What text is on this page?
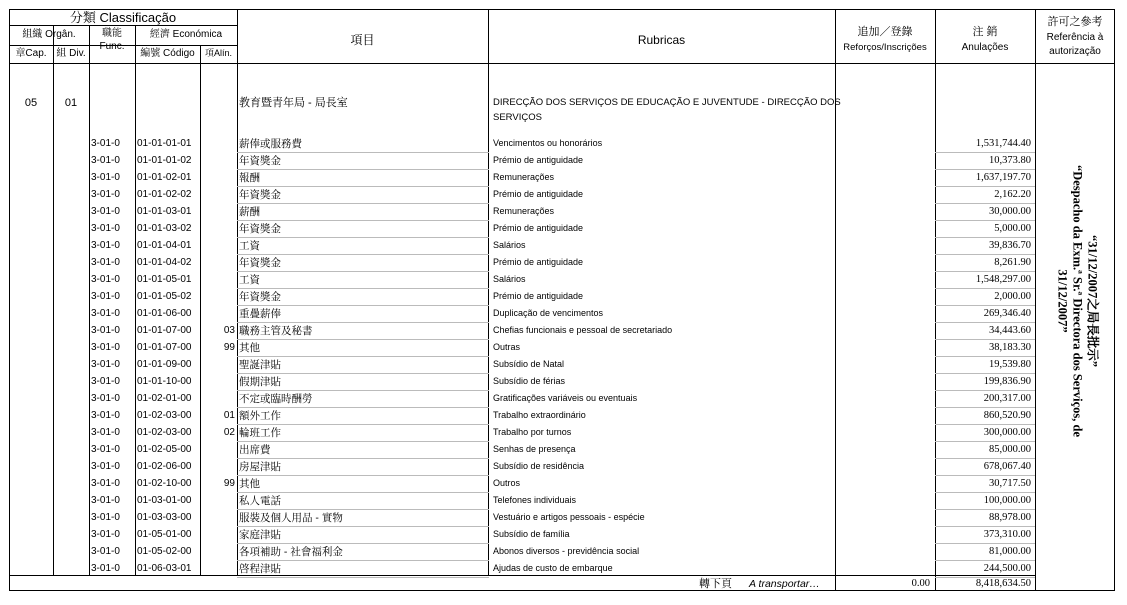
分類 Classificação
組織 Orgân.
章Cap. 組 Div.
職能
Func.
經濟 Económica
編號 Código	項Alín.
項目	Rubricas
追加／登錄
Reforços/Inscrições
注 銷
Anulações
許可之參考
Referência à
autorização
05	01	教育暨青年局 - 局長室	DIRECÇÃO DOS SERVIÇOS DE EDUCAÇÃO E JUVENTUDE - DIRECÇÃO DOS
SERVIÇOS
3-01-0	01-01-01-01	薪俸或服務費	Vencimentos ou honorários	1,531,744.40
3-01-0	01-01-01-02	年資獎金	Prémio de antiguidade	10,373.80
3-01-0	01-01-02-01	報酬	Remunerações	1,637,197.70
3-01-0	01-01-02-02	年資獎金	Prémio de antiguidade	2,162.20
3-01-0	01-01-03-01	薪酬	Remunerações	30,000.00
3-01-0	01-01-03-02	年資獎金	Prémio de antiguidade	5,000.00
3-01-0	01-01-04-01	工資	Salários	39,836.70
3-01-0	01-01-04-02	年資獎金	Prémio de antiguidade	8,261.90
3-01-0	01-01-05-01	工資	Salários	1,548,297.00
3-01-0	01-01-05-02	年資獎金	Prémio de antiguidade	2,000.00
3-01-0	01-01-06-00	重疊薪俸	Duplicação de vencimentos	269,346.40
3-01-0	01-01-07-00	03 職務主管及秘書	Chefias funcionais e pessoal de secretariado	34,443.60
3-01-0	01-01-07-00	99 其他	Outras	38,183.30
3-01-0	01-01-09-00	聖誕津貼	Subsídio de Natal	19,539.80
3-01-0	01-01-10-00	假期津貼	Subsídio de férias	199,836.90
3-01-0	01-02-01-00	不定或臨時酬勞	Gratificações variáveis ou eventuais	200,317.00
3-01-0	01-02-03-00	01 額外工作	Trabalho extraordinário	860,520.90
3-01-0	01-02-03-00	02 輪班工作	Trabalho por turnos	300,000.00
3-01-0	01-02-05-00	出席費	Senhas de presença	85,000.00
3-01-0	01-02-06-00	房屋津貼	Subsídio de residência	678,067.40
3-01-0	01-02-10-00	99 其他	Outros	30,717.50
3-01-0	01-03-01-00	私人電話	Telefones individuais	100,000.00
3-01-0	01-03-03-00	服裝及個人用品 - 實物	Vestuário e artigos pessoais - espécie	88,978.00
3-01-0	01-05-01-00	家庭津貼	Subsídio de família	373,310.00
3-01-0	01-05-02-00	各項補助 - 社會福利金	Abonos diversos - previdência social	81,000.00
3-01-0	01-06-03-01	啓程津貼	Ajudas de custo de embarque	244,500.00
轉下頁 A transportar…	0.00	8,418,634.50
“31/12/2007之局長批示”
“Despacho da Exm.ª Sr.ª Directora dos Serviços, de
31/12/2007”
